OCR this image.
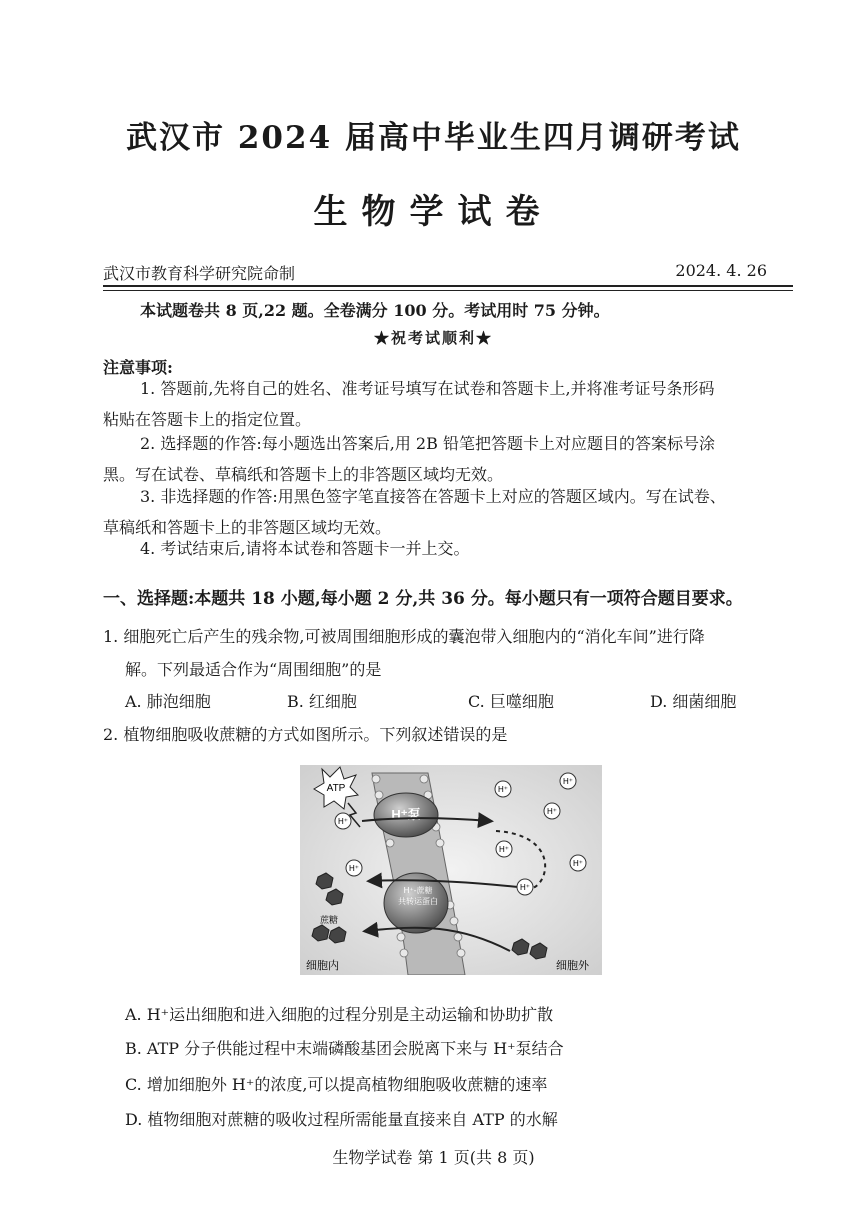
武汉市 2024 届高中毕业生四月调研考试
生物学试卷
武汉市教育科学研究院命制	2024. 4. 26
本试题卷共 8 页,22 题。全卷满分 100 分。考试用时 75 分钟。
★祝考试顺利★
注意事项:
1. 答题前,先将自己的姓名、准考证号填写在试卷和答题卡上,并将准考证号条形码
粘贴在答题卡上的指定位置。
2. 选择题的作答:每小题选出答案后,用 2B 铅笔把答题卡上对应题目的答案标号涂
黑。写在试卷、草稿纸和答题卡上的非答题区域均无效。
3. 非选择题的作答:用黑色签字笔直接答在答题卡上对应的答题区域内。写在试卷、
草稿纸和答题卡上的非答题区域均无效。
4. 考试结束后,请将本试卷和答题卡一并上交。
一、选择题:本题共 18 小题,每小题 2 分,共 36 分。每小题只有一项符合题目要求。
1. 细胞死亡后产生的残余物,可被周围细胞形成的囊泡带入细胞内的“消化车间”进行降
解。下列最适合作为“周围细胞”的是
A. 肺泡细胞	B. 红细胞	C. 巨噬细胞	D. 细菌细胞
2. 植物细胞吸收蔗糖的方式如图所示。下列叙述错误的是
ATP
H⁺泵
H⁺-蔗糖
共转运蛋白
H⁺
H⁺
H⁺
H⁺
H⁺
H⁺
H⁺
H⁺
蔗糖
细胞内	细胞外
A. H⁺运出细胞和进入细胞的过程分别是主动运输和协助扩散
B. ATP 分子供能过程中末端磷酸基团会脱离下来与 H⁺泵结合
C. 增加细胞外 H⁺的浓度,可以提高植物细胞吸收蔗糖的速率
D. 植物细胞对蔗糖的吸收过程所需能量直接来自 ATP 的水解
生物学试卷 第 1 页(共 8 页)
